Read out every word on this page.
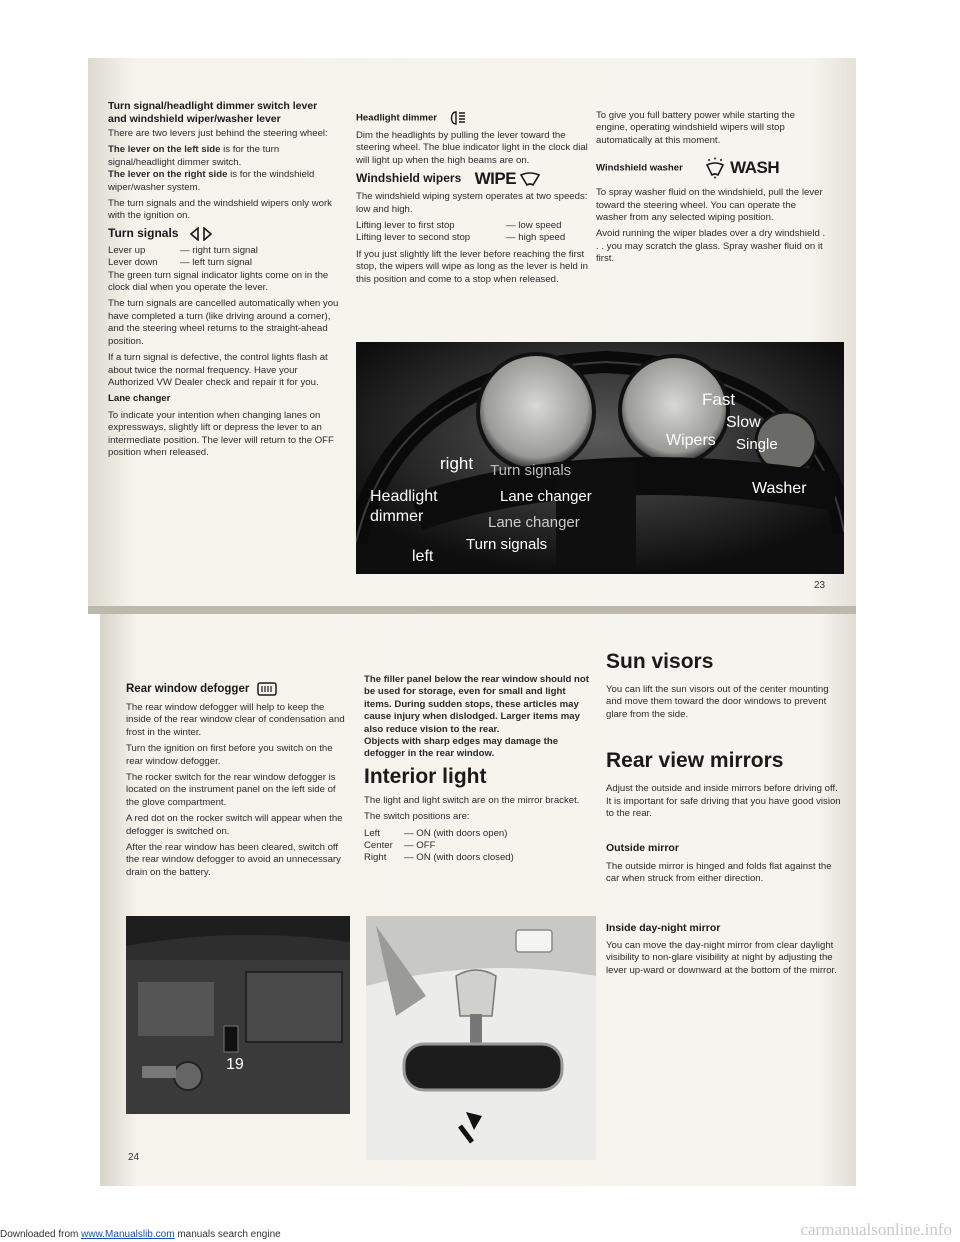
Turn signal/headlight dimmer switch lever
and windshield wiper/washer lever

There are two levers just behind the steering wheel:

The lever on the left side is for the turn signal/headlight dimmer switch.
The lever on the right side is for the windshield wiper/washer system.

The turn signals and the windshield wipers only work with the ignition on.

Turn signals
Lever up	— right turn signal
Lever down	— left turn signal

The green turn signal indicator lights come on in the clock dial when you operate the lever.

The turn signals are cancelled automatically when you have completed a turn (like driving around a corner), and the steering wheel returns to the straight-ahead position.

If a turn signal is defective, the control lights flash at about twice the normal frequency. Have your Authorized VW Dealer check and repair it for you.

Lane changer

To indicate your intention when changing lanes on expressways, slightly lift or depress the lever to an intermediate position. The lever will return to the OFF position when released.

Headlight dimmer

Dim the headlights by pulling the lever toward the steering wheel. The blue indicator light in the clock dial will light up when the high beams are on.

Windshield wipers WIPE

The windshield wiping system operates at two speeds: low and high.

Lifting lever to first stop	— low speed
Lifting lever to second stop	— high speed

If you just slightly lift the lever before reaching the first stop, the wipers will wipe as long as the lever is held in this position and come to a stop when released.

To give you full battery power while starting the engine, operating windshield wipers will stop automatically at this moment.

Windshield washer	WASH

To spray washer fluid on the windshield, pull the lever toward the steering wheel. You can operate the washer from any selected wiping position.

Avoid running the wiper blades over a dry windshield . . . you may scratch the glass. Spray washer fluid on it first.

right Turn signals
Headlight
dimmer
Lane changer
Lane changer
left
Turn signals
Fast
Slow
Wipers Single
Washer
23
Rear window defogger

The rear window defogger will help to keep the inside of the rear window clear of condensation and frost in the winter.

Turn the ignition on first before you switch on the rear window defogger.

The rocker switch for the rear window defogger is located on the instrument panel on the left side of the glove compartment.

A red dot on the rocker switch will appear when the defogger is switched on.

After the rear window has been cleared, switch off the rear window defogger to avoid an unnecessary drain on the battery.

19

The filler panel below the rear window should not be used for storage, even for small and light items. During sudden stops, these articles may cause injury when dislodged. Larger items may also reduce vision to the rear.

Objects with sharp edges may damage the defogger in the rear window.

Interior light

The light and light switch are on the mirror bracket.

The switch positions are:

Left	— ON (with doors open)
Center	— OFF
Right	— ON (with doors closed)
Sun visors

You can lift the sun visors out of the center mounting and move them toward the door windows to prevent glare from the side.

Rear view mirrors

Adjust the outside and inside mirrors before driving off. It is important for safe driving that you have good vision to the rear.

Outside mirror

The outside mirror is hinged and folds flat against the car when struck from either direction.

Inside day-night mirror

You can move the day-night mirror from clear daylight visibility to non-glare visibility at night by adjusting the lever up-ward or downward at the bottom of the mirror.

24
Downloaded from www.Manualslib.com manuals search engine	carmanualsonline.info
